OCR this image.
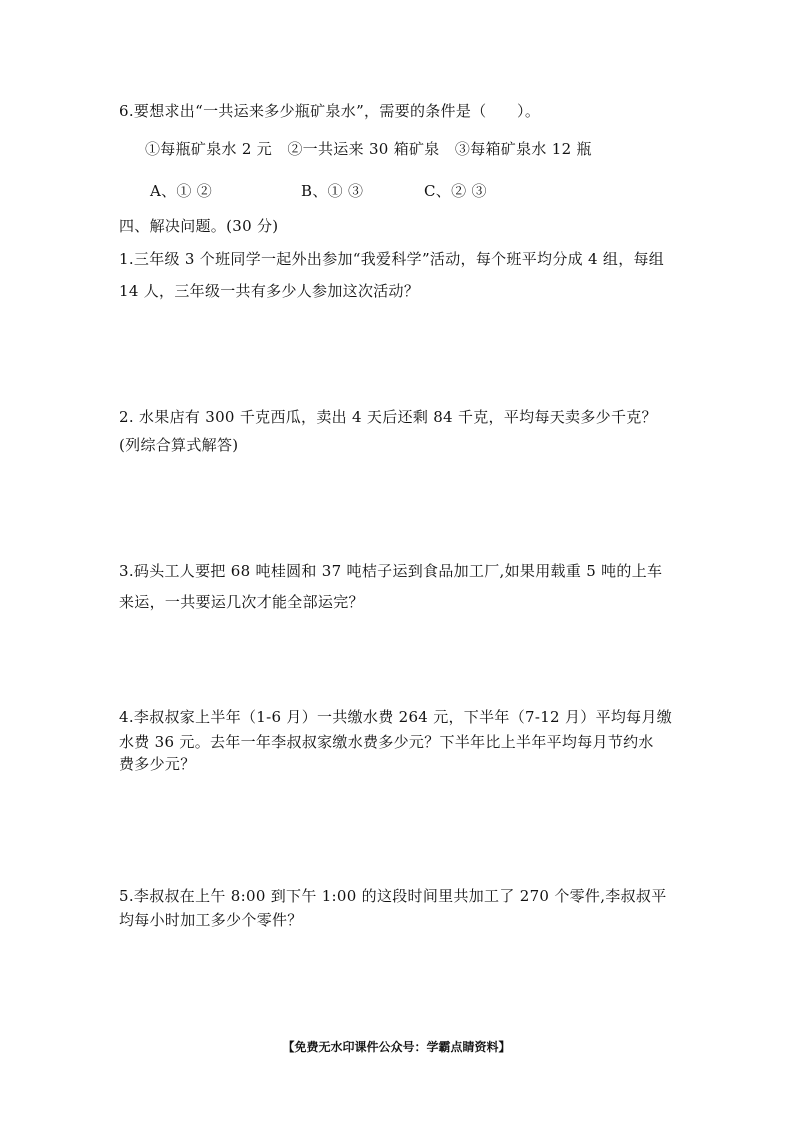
6.要想求出“一共运来多少瓶矿泉水”，需要的条件是（　　）。
①每瓶矿泉水 2 元　②一共运来 30 箱矿泉　③每箱矿泉水 12 瓶
A、① ②	B、① ③	C、② ③
四、解决问题。(30 分)
1.三年级 3 个班同学一起外出参加“我爱科学”活动，每个班平均分成 4 组，每组
14 人，三年级一共有多少人参加这次活动？
2. 水果店有 300 千克西瓜，卖出 4 天后还剩 84 千克，平均每天卖多少千克？
(列综合算式解答)
3.码头工人要把 68 吨桂圆和 37 吨桔子运到食品加工厂,如果用载重 5 吨的上车
来运，一共要运几次才能全部运完？
4.李叔叔家上半年（1-6 月）一共缴水费 264 元，下半年（7-12 月）平均每月缴
水费 36 元。去年一年李叔叔家缴水费多少元？下半年比上半年平均每月节约水
费多少元？
5.李叔叔在上午 8:00 到下午 1:00 的这段时间里共加工了 270 个零件,李叔叔平
均每小时加工多少个零件？
【免费无水印课件公众号：学霸点睛资料】
